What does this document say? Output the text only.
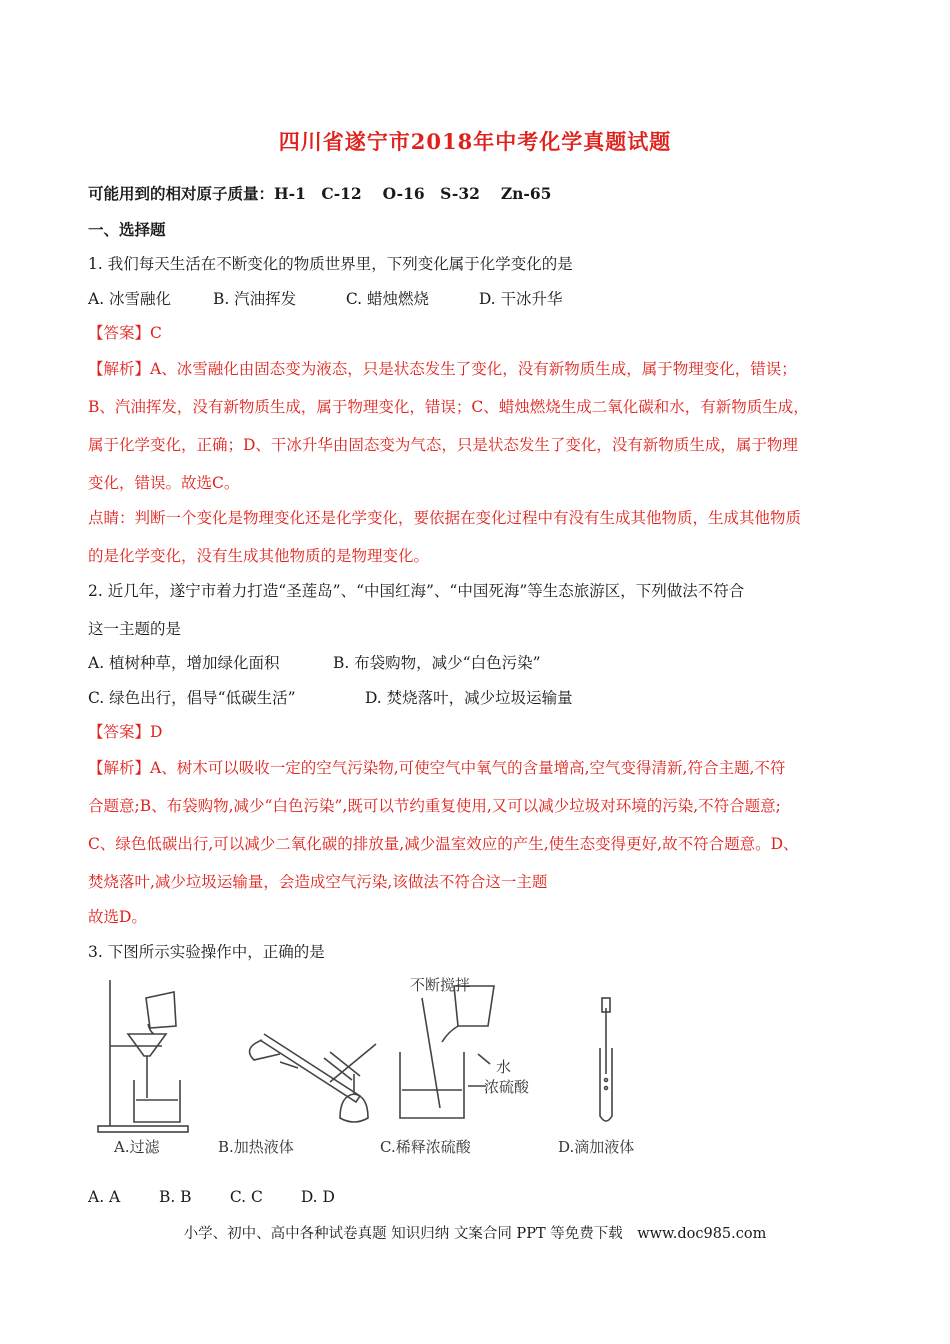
四川省遂宁市2018年中考化学真题试题
可能用到的相对原子质量：H-1　C-12　 O-16　S-32　 Zn-65
一、选择题
1. 我们每天生活在不断变化的物质世界里，下列变化属于化学变化的是
A. 冰雪融化	B. 汽油挥发	C. 蜡烛燃烧	D. 干冰升华
【答案】C
【解析】A、冰雪融化由固态变为液态，只是状态发生了变化，没有新物质生成，属于物理变化，错误；
B、汽油挥发，没有新物质生成，属于物理变化，错误；C、蜡烛燃烧生成二氧化碳和水，有新物质生成，
属于化学变化，正确；D、干冰升华由固态变为气态，只是状态发生了变化，没有新物质生成，属于物理
变化，错误。故选C。
点睛：判断一个变化是物理变化还是化学变化，要依据在变化过程中有没有生成其他物质，生成其他物质
的是化学变化，没有生成其他物质的是物理变化。
2. 近几年，遂宁市着力打造“圣莲岛”、“中国红海”、“中国死海”等生态旅游区，下列做法不符合
这一主题的是
A. 植树种草，增加绿化面积	B. 布袋购物，减少“白色污染”
C. 绿色出行，倡导“低碳生活”	D. 焚烧落叶，减少垃圾运输量
【答案】D
【解析】A、树木可以吸收一定的空气污染物,可使空气中氧气的含量增高,空气变得清新,符合主题,不符
合题意;B、布袋购物,减少“白色污染”,既可以节约重复使用,又可以减少垃圾对环境的污染,不符合题意;
C、绿色低碳出行,可以减少二氧化碳的排放量,减少温室效应的产生,使生态变得更好,故不符合题意。D、
焚烧落叶,减少垃圾运输量，会造成空气污染,该做法不符合这一主题
故选D。
3. 下图所示实验操作中，正确的是
不断搅拌
水
浓硫酸
A.过滤	B.加热液体	C.稀释浓硫酸	D.滴加液体
A. A B. B C. C D. D
小学、初中、高中各种试卷真题 知识归纳 文案合同 PPT 等免费下载　www.doc985.com
